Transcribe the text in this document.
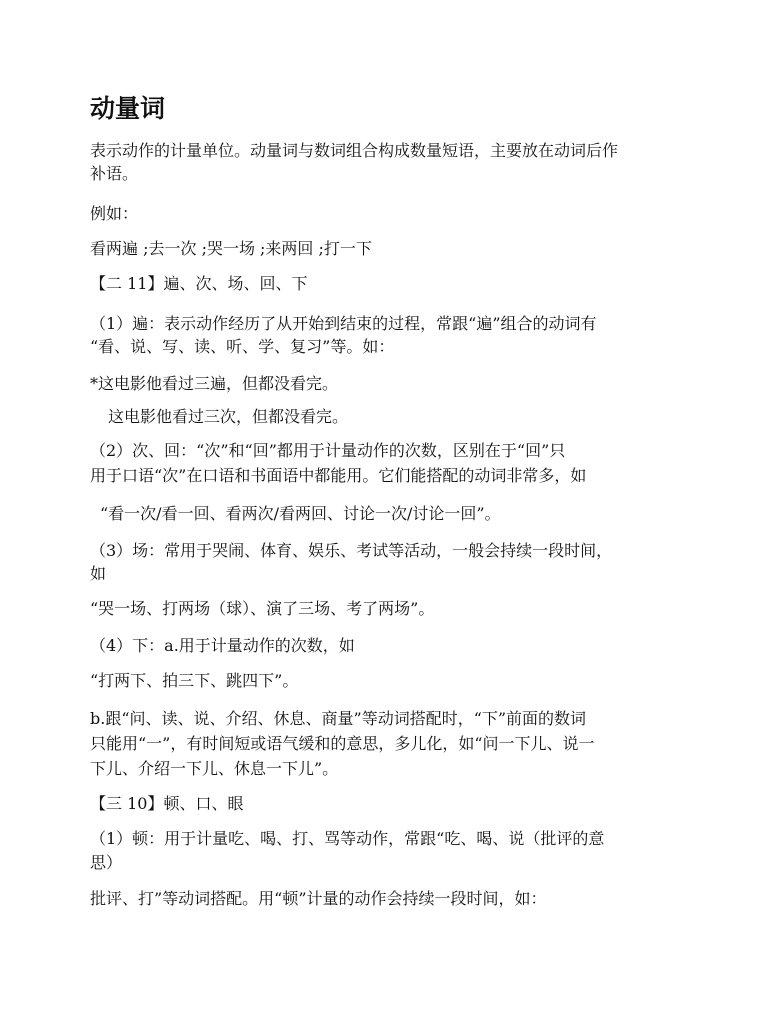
动量词

表示动作的计量单位。动量词与数词组合构成数量短语，主要放在动词后作

补语。

例如：

看两遍 ;去一次 ;哭一场 ;来两回 ;打一下

【二 11】遍、次、场、回、下

（1）遍：表示动作经历了从开始到结束的过程，常跟“遍”组合的动词有

“看、说、写、读、听、学、复习”等。如：

*这电影他看过三遍，但都没看完。

这电影他看过三次，但都没看完。

（2）次、回：“次”和“回”都用于计量动作的次数，区别在于“回”只

用于口语“次”在口语和书面语中都能用。它们能搭配的动词非常多，如

“看一次/看一回、看两次/看两回、讨论一次/讨论一回”。

（3）场：常用于哭闹、体育、娱乐、考试等活动，一般会持续一段时间，

如

“哭一场、打两场（球）、演了三场、考了两场”。

（4）下：a.用于计量动作的次数，如

“打两下、拍三下、跳四下”。

b.跟“问、读、说、介绍、休息、商量”等动词搭配时，“下”前面的数词

只能用“一”，有时间短或语气缓和的意思，多儿化，如“问一下儿、说一

下儿、介绍一下儿、休息一下儿”。

【三 10】顿、口、眼

（1）顿：用于计量吃、喝、打、骂等动作，常跟“吃、喝、说（批评的意

思）

批评、打”等动词搭配。用“顿”计量的动作会持续一段时间，如：
